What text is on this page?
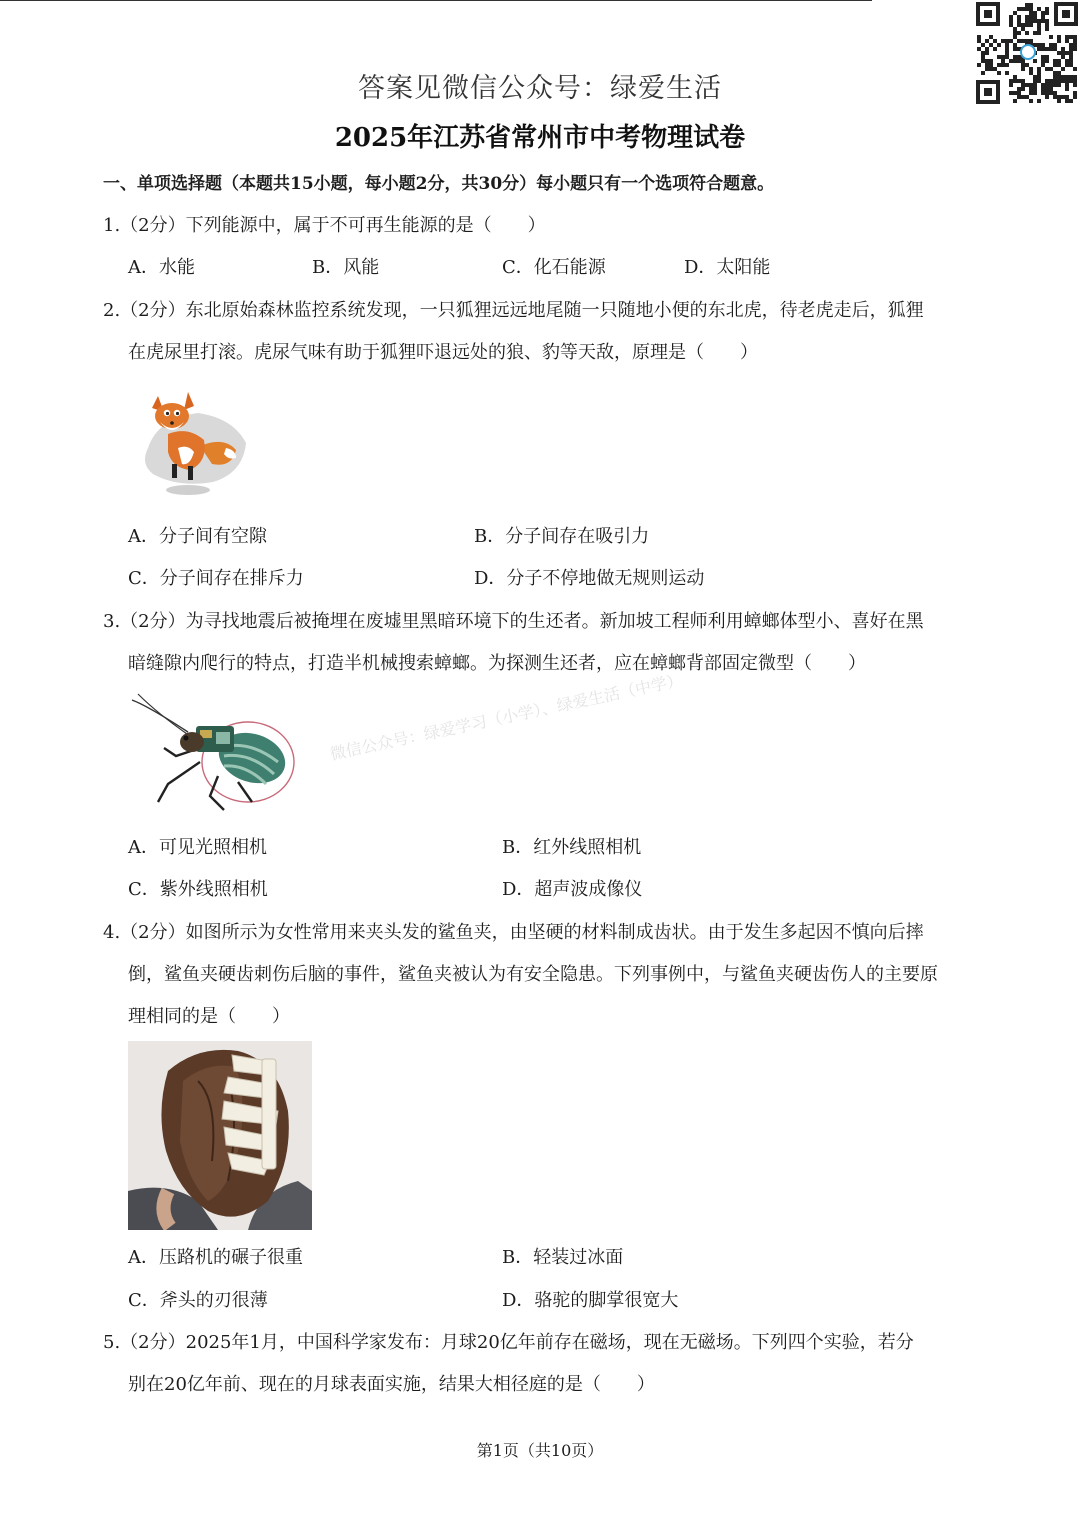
答案见微信公众号：绿爱生活
2025年江苏省常州市中考物理试卷
一、单项选择题（本题共15小题，每小题2分，共30分）每小题只有一个选项符合题意。
1.（2分）下列能源中，属于不可再生能源的是（　　）
A．水能	B．风能	C．化石能源	D．太阳能
2.（2分）东北原始森林监控系统发现，一只狐狸远远地尾随一只随地小便的东北虎，待老虎走后，狐狸
在虎尿里打滚。虎尿气味有助于狐狸吓退远处的狼、豹等天敌，原理是（　　）
A．分子间有空隙	B．分子间存在吸引力
C．分子间存在排斥力	D．分子不停地做无规则运动
3.（2分）为寻找地震后被掩埋在废墟里黑暗环境下的生还者。新加坡工程师利用蟑螂体型小、喜好在黑
暗缝隙内爬行的特点，打造半机械搜索蟑螂。为探测生还者，应在蟑螂背部固定微型（　　）
微信公众号：绿爱学习（小学）、绿爱生活（中学）
A．可见光照相机	B．红外线照相机
C．紫外线照相机	D．超声波成像仪
4.（2分）如图所示为女性常用来夹头发的鲨鱼夹，由坚硬的材料制成齿状。由于发生多起因不慎向后摔
倒，鲨鱼夹硬齿刺伤后脑的事件，鲨鱼夹被认为有安全隐患。下列事例中，与鲨鱼夹硬齿伤人的主要原
理相同的是（　　）
A．压路机的碾子很重	B．轻装过冰面
C．斧头的刃很薄	D．骆驼的脚掌很宽大
5.（2分）2025年1月，中国科学家发布：月球20亿年前存在磁场，现在无磁场。下列四个实验，若分
别在20亿年前、现在的月球表面实施，结果大相径庭的是（　　）
第1页（共10页）
